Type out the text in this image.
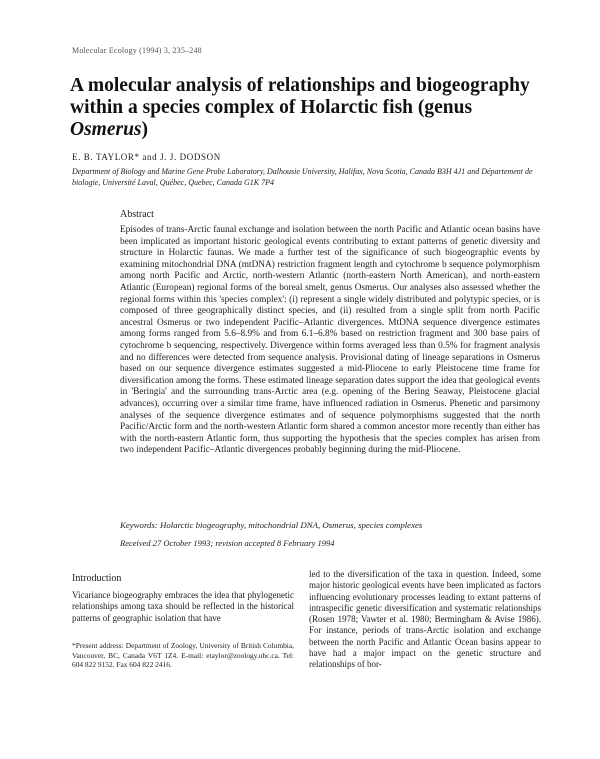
Molecular Ecology (1994) 3, 235–248
A molecular analysis of relationships and biogeography within a species complex of Holarctic fish (genus Osmerus)
E. B. TAYLOR* and J. J. DODSON
Department of Biology and Marine Gene Probe Laboratory, Dalhousie University, Halifax, Nova Scotia, Canada B3H 4J1 and Département de biologie, Université Laval, Québec, Quebec, Canada G1K 7P4
Abstract

Episodes of trans-Arctic faunal exchange and isolation between the north Pacific and Atlantic ocean basins have been implicated as important historic geological events contributing to extant patterns of genetic diversity and structure in Holarctic faunas. We made a further test of the significance of such biogeographic events by examining mitochondrial DNA (mtDNA) restriction fragment length and cytochrome b sequence polymorphism among north Pacific and Arctic, north-western Atlantic (north-eastern North American), and north-eastern Atlantic (European) regional forms of the boreal smelt, genus Osmerus. Our analyses also assessed whether the regional forms within this 'species complex': (i) represent a single widely distributed and polytypic species, or is composed of three geographically distinct species, and (ii) resulted from a single split from north Pacific ancestral Osmerus or two independent Pacific–Atlantic divergences. MtDNA sequence divergence estimates among forms ranged from 5.6–8.9% and from 6.1–6.8% based on restriction fragment and 300 base pairs of cytochrome b sequencing, respectively. Divergence within forms averaged less than 0.5% for fragment analysis and no differences were detected from sequence analysis. Provisional dating of lineage separations in Osmerus based on our sequence divergence estimates suggested a mid-Pliocene to early Pleistocene time frame for diversification among the forms. These estimated lineage separation dates support the idea that geological events in 'Beringia' and the surrounding trans-Arctic area (e.g. opening of the Bering Seaway, Pleistocene glacial advances), occurring over a similar time frame, have influenced radiation in Osmerus. Phenetic and parsimony analyses of the sequence divergence estimates and of sequence polymorphisms suggested that the north Pacific/Arctic form and the north-western Atlantic form shared a common ancestor more recently than either has with the north-eastern Atlantic form, thus supporting the hypothesis that the species complex has arisen from two independent Pacific–Atlantic divergences probably beginning during the mid-Pliocene.

Keywords: Holarctic biogeography, mitochondrial DNA, Osmerus, species complexes

Received 27 October 1993; revision accepted 8 February 1994

Introduction

Vicariance biogeography embraces the idea that phylogenetic relationships among taxa should be reflected in the historical patterns of geographic isolation that have

*Present address: Department of Zoology, University of British Columbia, Vancouver, BC, Canada V6T 1Z4. E-mail: etaylor@zoology.ubc.ca. Tel: 604 822 9152. Fax 604 822 2416.

led to the diversification of the taxa in question. Indeed, some major historic geological events have been implicated as factors influencing evolutionary processes leading to extant patterns of intraspecific genetic diversification and systematic relationships (Rosen 1978; Vawter et al. 1980; Bermingham & Avise 1986). For instance, periods of trans-Arctic isolation and exchange between the north Pacific and Atlantic Ocean basins appear to have had a major impact on the genetic structure and relationships of bor-
